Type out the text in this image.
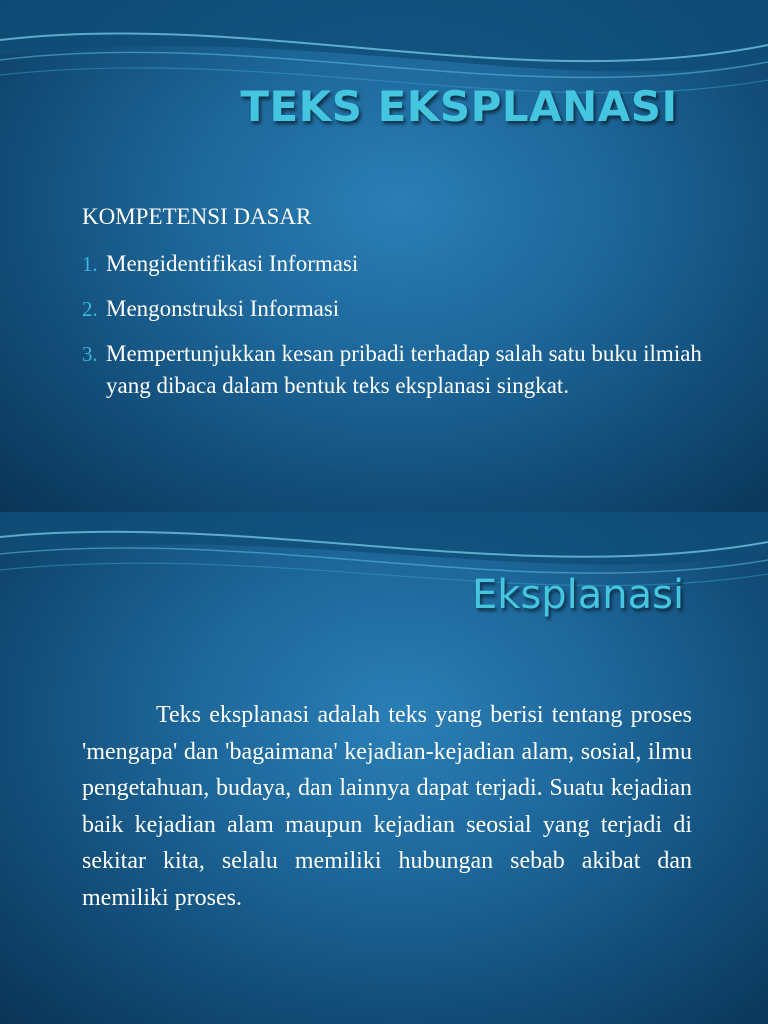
TEKS EKSPLANASI
KOMPETENSI DASAR
1. Mengidentifikasi Informasi
2. Mengonstruksi Informasi
3. Mempertunjukkan kesan pribadi terhadap salah satu buku ilmiah yang dibaca dalam bentuk teks eksplanasi singkat.
Eksplanasi

Teks eksplanasi adalah teks yang berisi tentang proses 'mengapa' dan 'bagaimana' kejadian-kejadian alam, sosial, ilmu pengetahuan, budaya, dan lainnya dapat terjadi. Suatu kejadian baik kejadian alam maupun kejadian seosial yang terjadi di sekitar kita, selalu memiliki hubungan sebab akibat dan memiliki proses.
